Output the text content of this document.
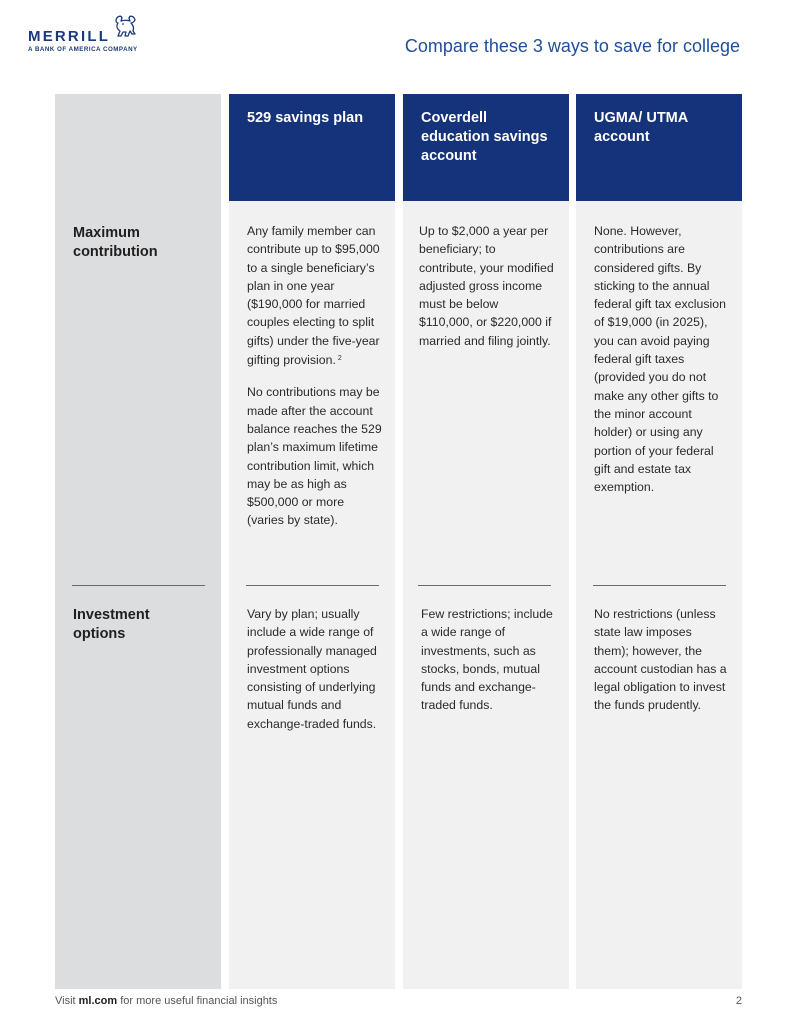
MERRILL
A BANK OF AMERICA COMPANY	Compare these 3 ways to save for college
Maximum contribution
Investment options
529 savings plan

Any family member can contribute up to $95,000 to a single beneficiary’s plan in one year ($190,000 for married couples electing to split gifts) under the five-year gifting provision. $^2$

No contributions may be made after the account balance reaches the 529 plan’s maximum lifetime contribution limit, which may be as high as $500,000 or more (varies by state).

Vary by plan; usually include a wide range of professionally managed investment options consisting of underlying mutual funds and exchange-traded funds.

Coverdell education savings account

Up to $2,000 a year per beneficiary; to contribute, your modified adjusted gross income must be below $110,000, or $220,000 if married and filing jointly.

Few restrictions; include a wide range of investments, such as stocks, bonds, mutual funds and exchange-traded funds.

UGMA/ UTMA account

None. However, contributions are considered gifts. By sticking to the annual federal gift tax exclusion of $19,000 (in 2025), you can avoid paying federal gift taxes (provided you do not make any other gifts to the minor account holder) or using any portion of your federal gift and estate tax exemption.

No restrictions (unless state law imposes them); however, the account custodian has a legal obligation to invest the funds prudently.

Visit ml.com for more useful financial insights	2
